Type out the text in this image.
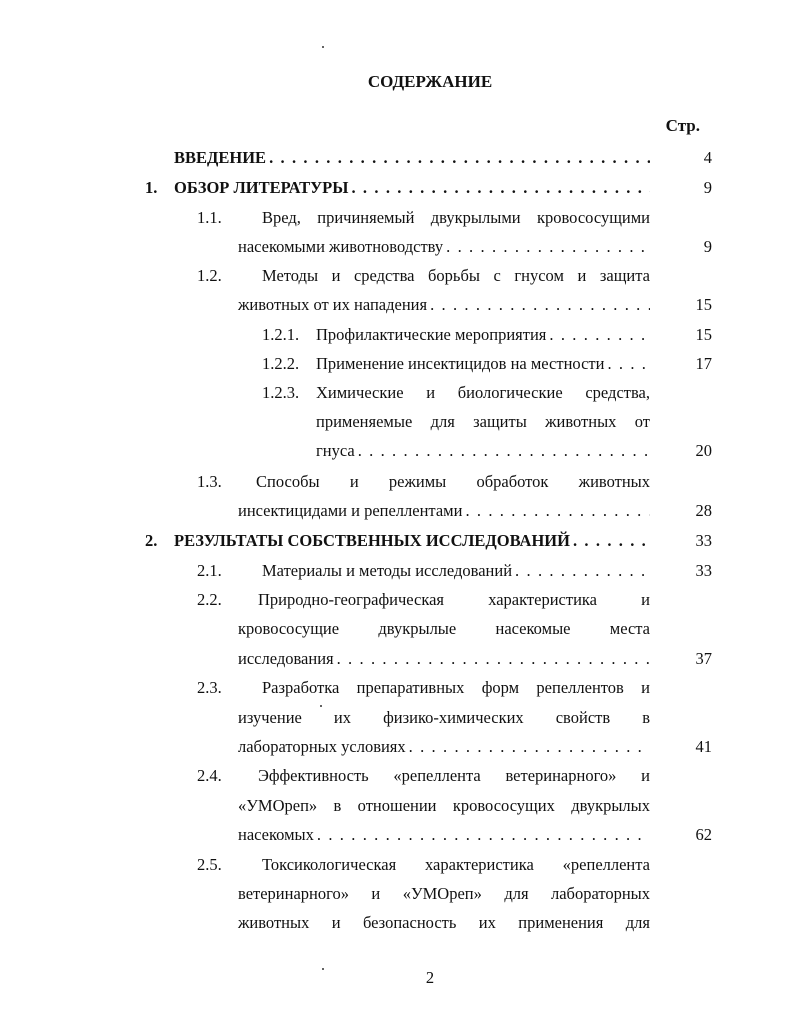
СОДЕРЖАНИЕ
Стр.
ВВЕДЕНИЕ . . .	4
1. ОБЗОР ЛИТЕРАТУРЫ . . .	9
1.1. Вред, причиняемый двукрылыми кровососущими
насекомыми животноводству . . .	9
1.2. Методы и средства борьбы с гнусом и защита
животных от их нападения . . .	15
1.2.1. Профилактические мероприятия . . .	15
1.2.2. Применение инсектицидов на местности . . .	17
1.2.3. Химические и биологические средства,
применяемые для защиты животных от
гнуса . . .	20
1.3. Способы и режимы обработок животных
инсектицидами и репеллентами . . .	28
2. РЕЗУЛЬТАТЫ СОБСТВЕННЫХ ИССЛЕДОВАНИЙ . . .	33
2.1. Материалы и методы исследований . . .	33
2.2. Природно-географическая характеристика и
кровососущие двукрылые насекомые места
исследования . . .	37
2.3. Разработка препаративных форм репеллентов и
изучение их физико-химических свойств в
лабораторных условиях . . .	41
2.4. Эффективность «репеллента ветеринарного» и
«УМОреп» в отношении кровососущих двукрылых
насекомых . . .	62
2.5. Токсикологическая характеристика «репеллента
ветеринарного» и «УМОреп» для лабораторных
животных и безопасность их применения для
2
